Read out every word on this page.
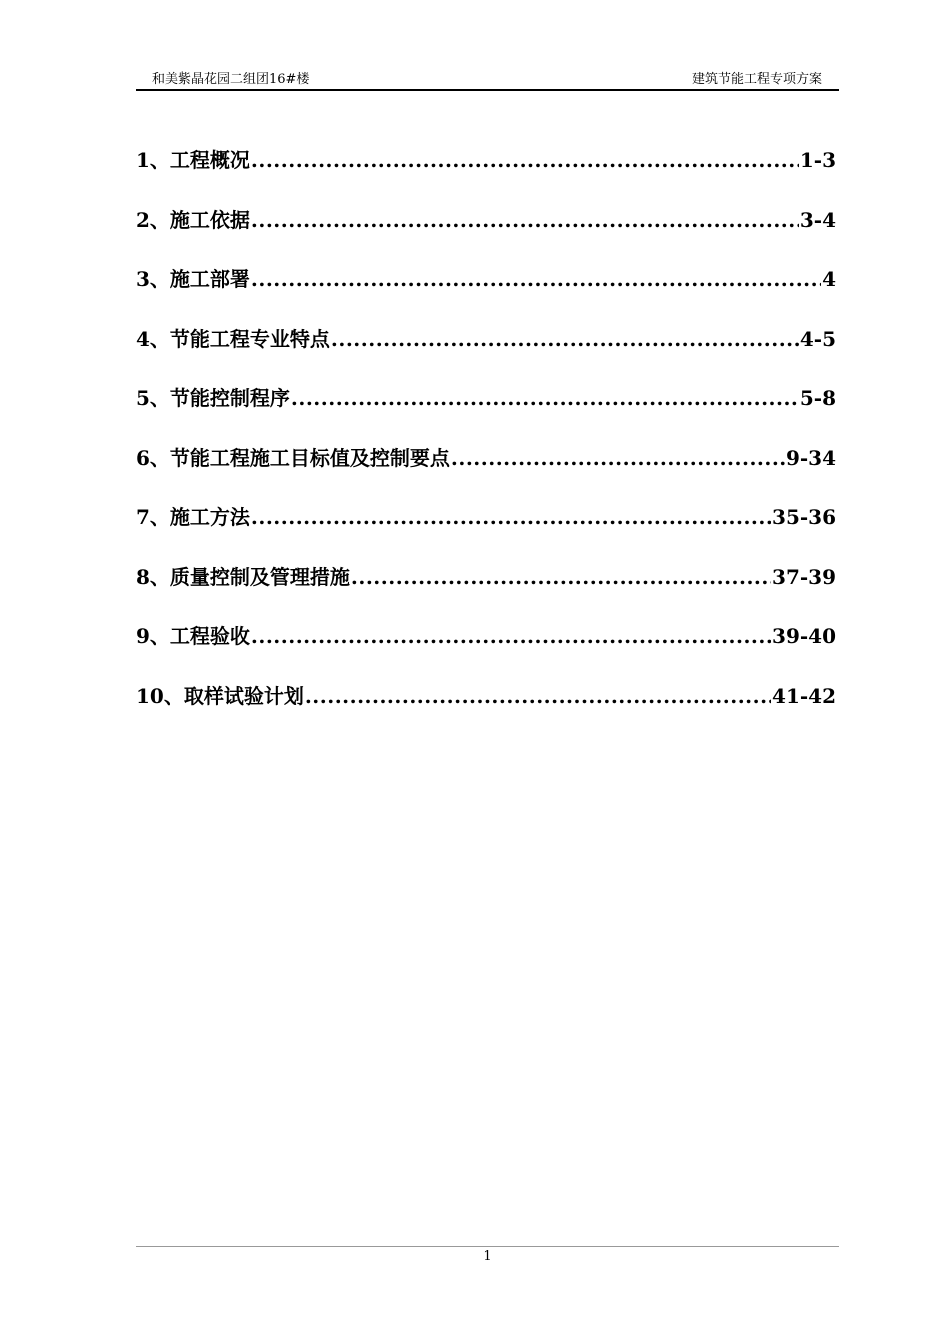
和美紫晶花园二组团16#楼	建筑节能工程专项方案
1 、 工程概况 .....	1-3
2 、 施工依据 .....	3-4
3 、 施工部署 .....	4
4 、 节能工程专业特点 .....	4-5
5 、 节能控制程序 .....	5-8
6 、 节能工程施工目标值及控制要点 .....	9-34
7 、 施工方法 .....	35-36
8 、 质量控制及管理措施 .....	37-39
9 、 工程验收 .....	39-40
10 、 取样试验计划 .....	41-42
1
